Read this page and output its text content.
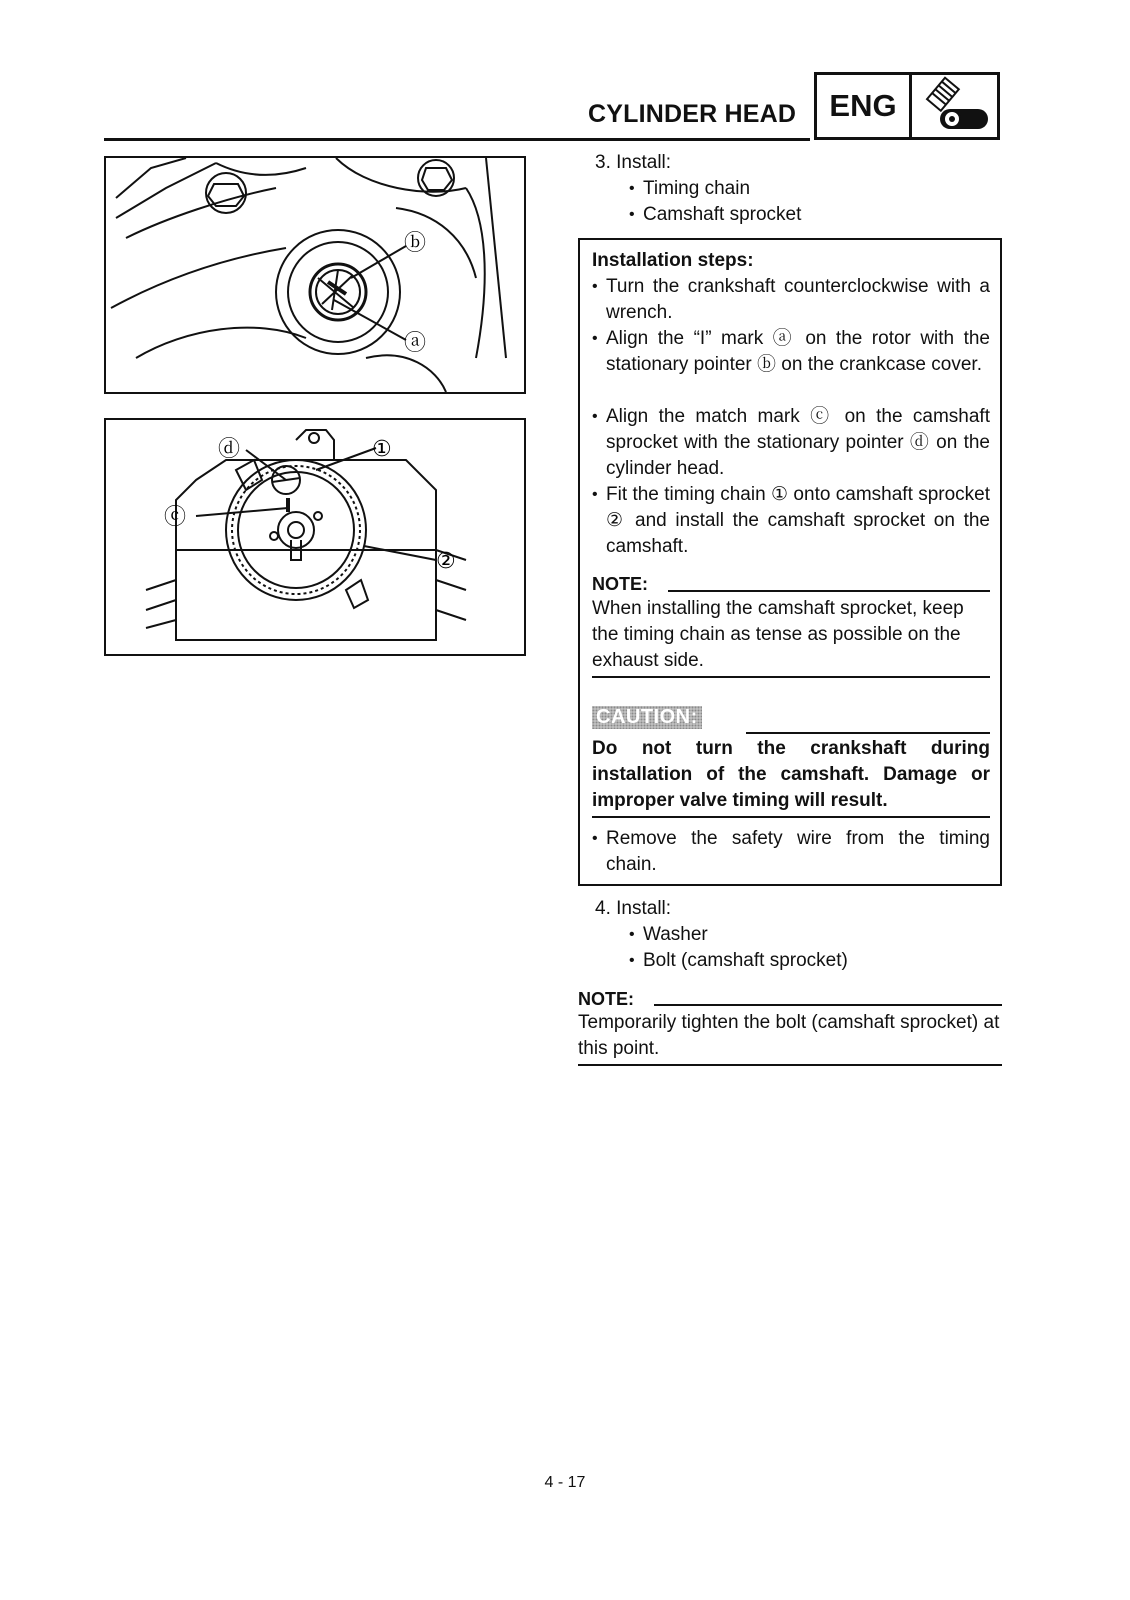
CYLINDER HEAD	ENG
ⓑ
ⓐ
ⓓ	①
ⓒ
②
3. Install:
• Timing chain
• Camshaft sprocket
Installation steps:
• Turn the crankshaft counterclockwise with a wrench.
• Align the “I” mark ⓐ on the rotor with the stationary pointer ⓑ on the crankcase cover.
• Align the match mark ⓒ on the camshaft sprocket with the stationary pointer ⓓ on the cylinder head.
• Fit the timing chain ① onto camshaft sprocket ② and install the camshaft sprocket on the camshaft.
NOTE:
When installing the camshaft sprocket, keep the timing chain as tense as possible on the exhaust side.
CAUTION:
Do not turn the crankshaft during installation of the camshaft. Damage or improper valve timing will result.
• Remove the safety wire from the timing chain.
4. Install:
• Washer
• Bolt (camshaft sprocket)
NOTE:
Temporarily tighten the bolt (camshaft sprocket) at this point.
4 - 17
